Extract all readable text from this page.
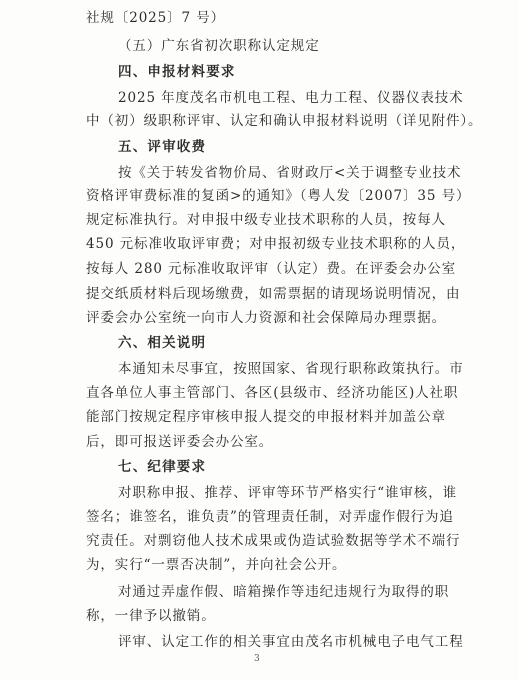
社规〔2025〕7 号）
（五）广东省初次职称认定规定
四、申报材料要求
2025 年度茂名市机电工程、电力工程、仪器仪表技术
中（初）级职称评审、认定和确认申报材料说明（详见附件）。
五、评审收费
按《关于转发省物价局、省财政厅<关于调整专业技术
资格评审费标准的复函>的通知》（粤人发〔2007〕35 号）
规定标准执行。对申报中级专业技术职称的人员，按每人
450 元标准收取评审费；对申报初级专业技术职称的人员，
按每人 280 元标准收取评审（认定）费。在评委会办公室
提交纸质材料后现场缴费，如需票据的请现场说明情况，由
评委会办公室统一向市人力资源和社会保障局办理票据。
六、相关说明
本通知未尽事宜，按照国家、省现行职称政策执行。市
直各单位人事主管部门、各区(县级市、经济功能区)人社职
能部门按规定程序审核申报人提交的申报材料并加盖公章
后，即可报送评委会办公室。
七、纪律要求
对职称申报、推荐、评审等环节严格实行“谁审核，谁
签名；谁签名，谁负责”的管理责任制，对弄虚作假行为追
究责任。对剽窃他人技术成果或伪造试验数据等学术不端行
为，实行“一票否决制”，并向社会公开。
对通过弄虚作假、暗箱操作等违纪违规行为取得的职
称，一律予以撤销。
评审、认定工作的相关事宜由茂名市机械电子电气工程
3
